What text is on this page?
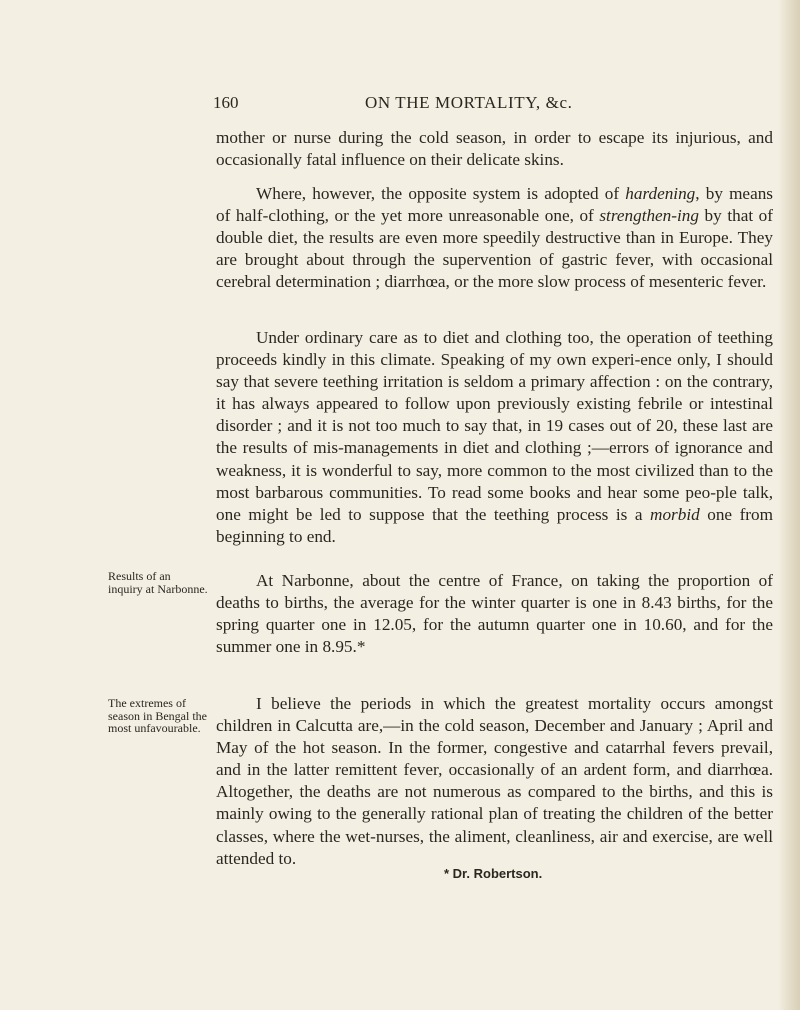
160	ON THE MORTALITY, &c.

mother or nurse during the cold season, in order to escape its injurious, and occasionally fatal influence on their delicate skins.

Where, however, the opposite system is adopted of hardening, by means of half-clothing, or the yet more unreasonable one, of strengthen-ing by that of double diet, the results are even more speedily destructive than in Europe. They are brought about through the supervention of gastric fever, with occasional cerebral determination ; diarrhœa, or the more slow process of mesenteric fever.

Under ordinary care as to diet and clothing too, the operation of teething proceeds kindly in this climate. Speaking of my own experi-ence only, I should say that severe teething irritation is seldom a primary affection : on the contrary, it has always appeared to follow upon previously existing febrile or intestinal disorder ; and it is not too much to say that, in 19 cases out of 20, these last are the results of mis-managements in diet and clothing ;—errors of ignorance and weakness, it is wonderful to say, more common to the most civilized than to the most barbarous communities. To read some books and hear some peo-ple talk, one might be led to suppose that the teething process is a morbid one from beginning to end.

Results of an inquiry at Narbonne.	At Narbonne, about the centre of France, on taking the proportion of deaths to births, the average for the winter quarter is one in 8.43 births, for the spring quarter one in 12.05, for the autumn quarter one in 10.60, and for the summer one in 8.95.*

The extremes of season in Bengal the most unfavourable.

I believe the periods in which the greatest mortality occurs amongst children in Calcutta are,—in the cold season, December and January ; April and May of the hot season. In the former, congestive and catarrhal fevers prevail, and in the latter remittent fever, occasionally of an ardent form, and diarrhœa. Altogether, the deaths are not numerous as compared to the births, and this is mainly owing to the generally rational plan of treating the children of the better classes, where the wet-nurses, the aliment, cleanliness, air and exercise, are well attended to.

* Dr. Robertson.
